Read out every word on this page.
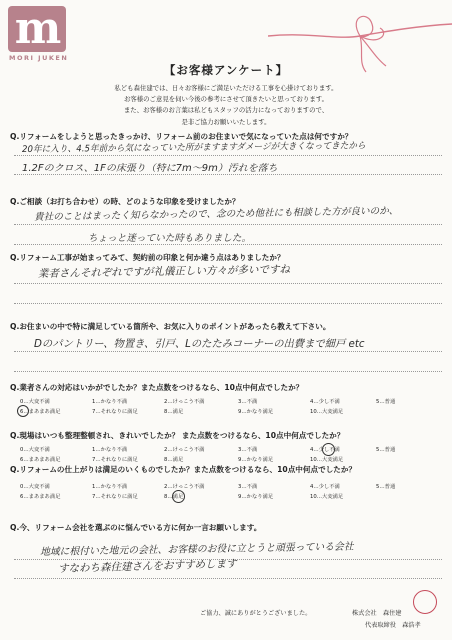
m
MORI JUKEN
【お客様アンケート】
私ども森住建では、日々お客様にご満足いただける工事を心掛けております。
お客様のご意見を伺い今後の参考にさせて頂きたいと思っております。
また、お客様のお言葉は私どもスタッフの活力になっておりますので、
是非ご協力お願いいたします。
Q.リフォームをしようと思ったきっかけ、リフォーム前のお住まいで気になっていた点は何ですか？
20年に入り、4.5年前から気になっていた所がますますダメージが大きくなってきたから
1.2Fのクロス、1Fの床張り（特に7m〜9m）汚れを落ち
Q.ご相談（お打ち合わせ）の時、どのような印象を受けましたか？
貴社のことはまったく知らなかったので、念のため他社にも相談した方が良いのか、
ちょっと迷っていた時もありました。
Q.リフォーム工事が始まってみて、契約前の印象と何か違う点はありましたか？
業者さんそれぞれですが礼儀正しい方々が多いですね
Q.お住まいの中で特に満足している箇所や、お気に入りのポイントがあったら教えて下さい。
Dのパントリー、物置き、引戸、Lのたたみコーナーの出費まで細戸 etc
Q.業者さんの対応はいかがでしたか？また点数をつけるなら、10点中何点でしたか？
0…大変不満	1…かなり不満	2…けっこう不満	3…不満	4…少し不満	5…普通
6…まあまあ満足	7…それなりに満足	8…満足	9…かなり満足	10…大変満足
Q.現場はいつも整理整頓され、きれいでしたか？ また点数をつけるなら、10点中何点でしたか？
0…大変不満	1…かなり不満	2…けっこう不満	3…不満	4…少し不満	5…普通
6…まあまあ満足	7…それなりに満足	8…満足	9…かなり満足	10…大変満足
Q.リフォームの仕上がりは満足のいくものでしたか？また点数をつけるなら、10点中何点でしたか？
0…大変不満	1…かなり不満	2…けっこう不満	3…不満	4…少し不満	5…普通
6…まあまあ満足	7…それなりに満足	8…満足	9…かなり満足	10…大変満足
Q.今、リフォーム会社を選ぶのに悩んでいる方に何か一言お願いします。
地域に根付いた地元の会社、お客様のお役に立とうと頑張っている会社
すなわち森住建さんをおすすめします
ご協力、誠にありがとうございました。	株式会社　森住建
代表取締役　森浩孝
